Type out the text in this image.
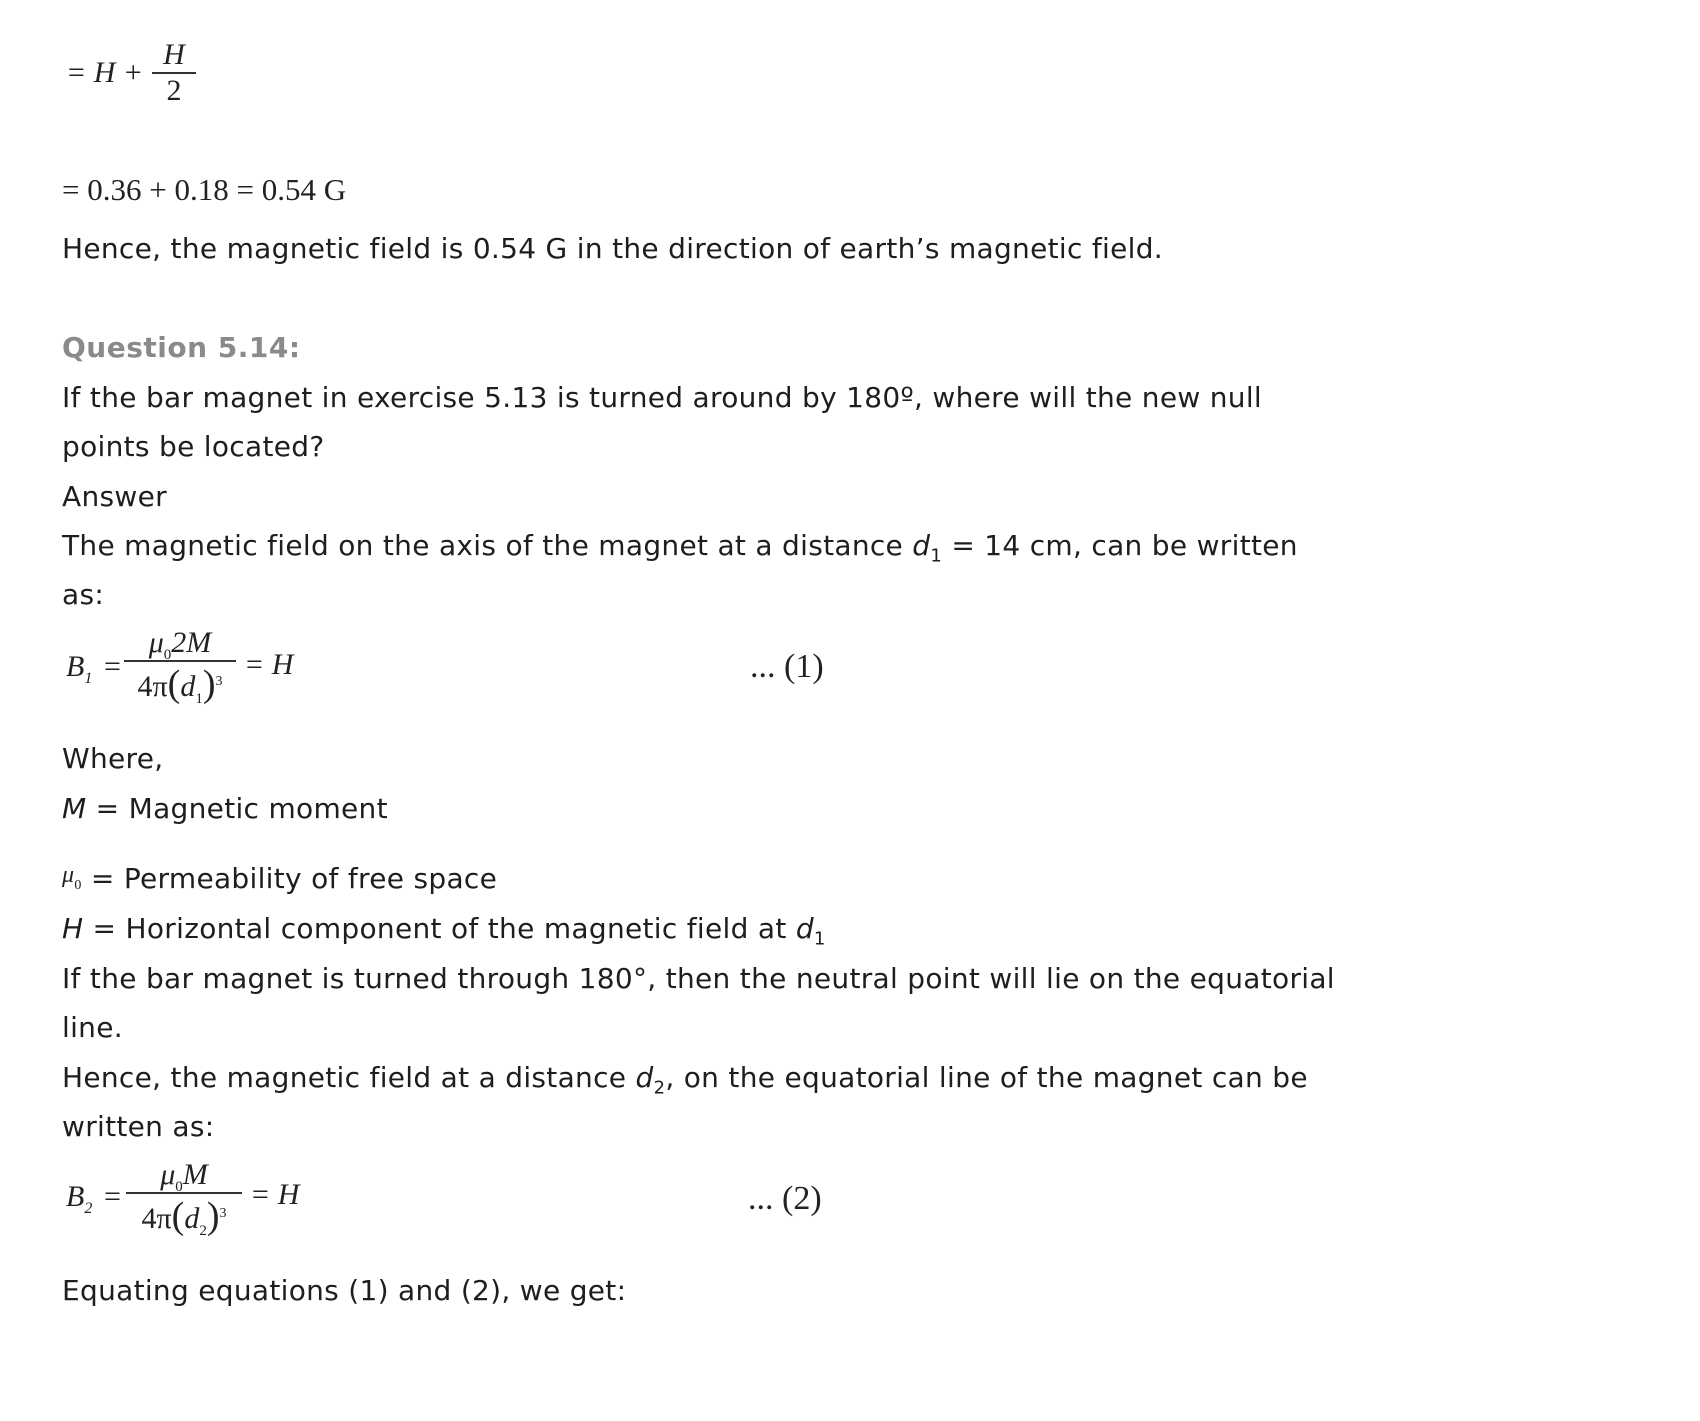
= H +
H
2
= 0.36 + 0.18 = 0.54 G
Hence, the magnetic field is 0.54 G in the direction of earth’s magnetic field.
Question 5.14:
If the bar magnet in exercise 5.13 is turned around by 180º, where will the new null
points be located?
Answer
The magnetic field on the axis of the magnet at a distance $d_1 = 14$ cm, can be written
as:
$B_1$ =
$\mu_02M$
$4\pi(d_1)^3$
= H	... (1)
Where,
M = Magnetic moment
$\mu_0$ = Permeability of free space
H = Horizontal component of the magnetic field at $d_1$
If the bar magnet is turned through 180°, then the neutral point will lie on the equatorial
line.
Hence, the magnetic field at a distance $d_2$, on the equatorial line of the magnet can be
written as:
$B_2$ =
$\mu_0M$
$4\pi(d_2)^3$
= H	... (2)
Equating equations (1) and (2), we get:
